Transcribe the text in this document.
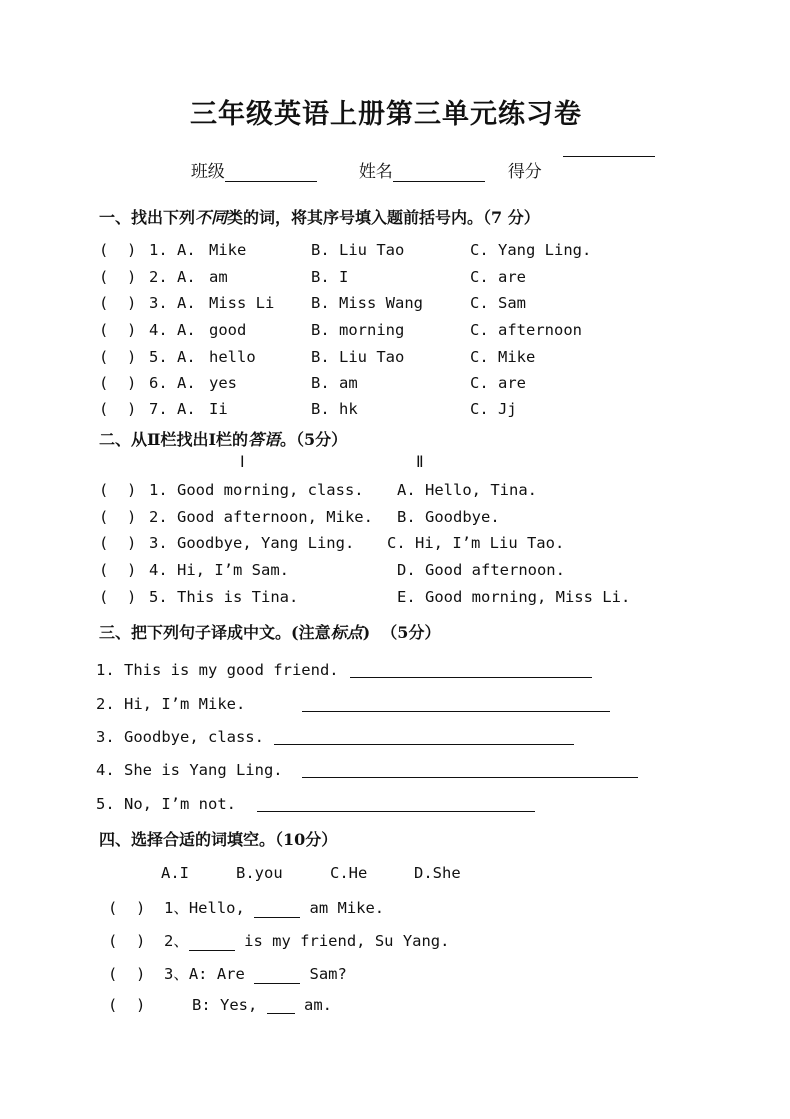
三年级英语上册第三单元练习卷

班级	姓名	得分

一、找出下列不同类的词，将其序号填入题前括号内。（7 分）
(  ) 1. A. Mike	B. Liu Tao	C. Yang Ling.
(  ) 2. A. am	B. I	C. are
(  ) 3. A. Miss Li B. Miss Wang	C. Sam
(  ) 4. A. good	B. morning	C. afternoon
(  ) 5. A. hello	B. Liu Tao	C. Mike
(  ) 6. A. yes	B. am	C. are
(  ) 7. A. Ii	B. hk	C. Jj
二、从Ⅱ栏找出Ⅰ栏的答语。（5分）
Ⅰ	Ⅱ
(  ) 1. Good morning, class. A. Hello, Tina.
(  ) 2. Good afternoon, Mike. B. Goodbye.
(  ) 3. Goodbye, Yang Ling. C. Hi, I’m Liu Tao.
(  ) 4. Hi, I’m Sam.	D. Good afternoon.
(  ) 5. This is Tina.	E. Good morning, Miss Li.
三、把下列句子译成中文。(注意标点)  （5分）
1. This is my good friend.
2. Hi, I’m Mike.
3. Goodbye, class.
4. She is Yang Ling.
5. No, I’m not.
四、选择合适的词填空。（10分）
A.I	B.you	C.He	D.She
(  ) 1、Hello,	am Mike.
(  ) 2、	is my friend, Su Yang.
(  ) 3、A: Are	Sam?
(  )     B: Yes,  am.
